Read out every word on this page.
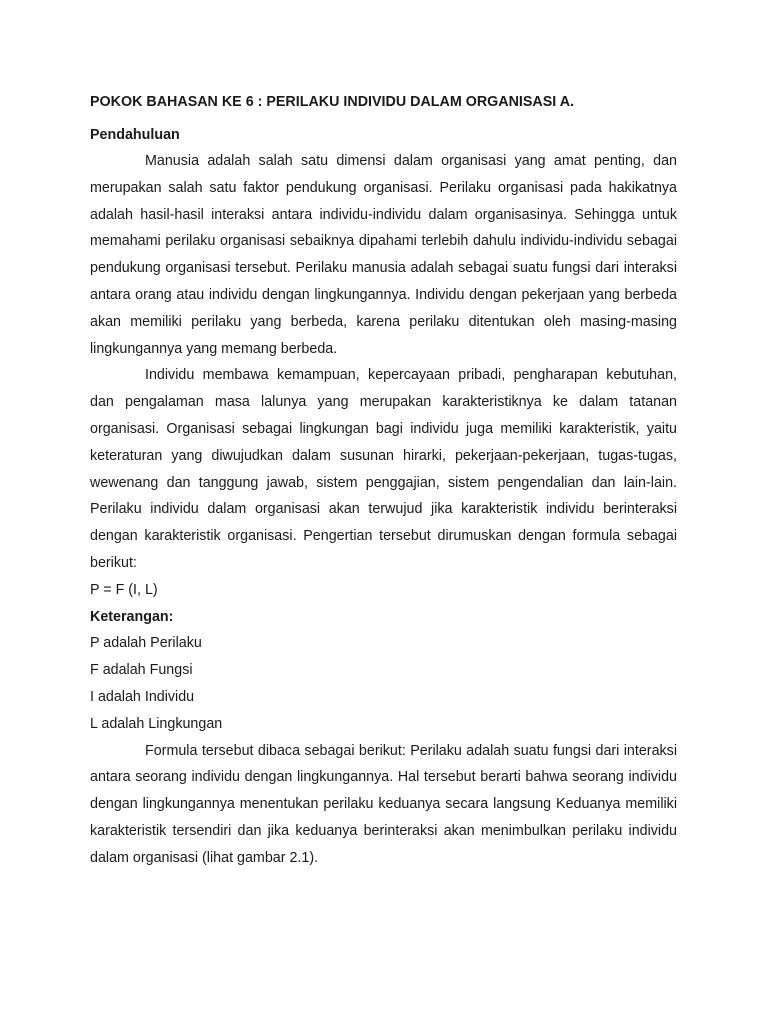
POKOK BAHASAN KE 6 : PERILAKU INDIVIDU DALAM ORGANISASI A.
Pendahuluan

Manusia adalah salah satu dimensi dalam organisasi yang amat penting, dan merupakan salah satu faktor pendukung organisasi. Perilaku organisasi pada hakikatnya adalah hasil-hasil interaksi antara individu-individu dalam organisasinya. Sehingga untuk memahami perilaku organisasi sebaiknya dipahami terlebih dahulu individu-individu sebagai pendukung organisasi tersebut. Perilaku manusia adalah sebagai suatu fungsi dari interaksi antara orang atau individu dengan lingkungannya. Individu dengan pekerjaan yang berbeda akan memiliki perilaku yang berbeda, karena perilaku ditentukan oleh masing-masing lingkungannya yang memang berbeda.

Individu membawa kemampuan, kepercayaan pribadi, pengharapan kebutuhan, dan pengalaman masa lalunya yang merupakan karakteristiknya ke dalam tatanan organisasi. Organisasi sebagai lingkungan bagi individu juga memiliki karakteristik, yaitu keteraturan yang diwujudkan dalam susunan hirarki, pekerjaan-pekerjaan, tugas-tugas, wewenang dan tanggung jawab, sistem penggajian, sistem pengendalian dan lain-lain. Perilaku individu dalam organisasi akan terwujud jika karakteristik individu berinteraksi dengan karakteristik organisasi. Pengertian tersebut dirumuskan dengan formula sebagai berikut:

P = F (I, L)
Keterangan:
P adalah Perilaku
F adalah Fungsi
I adalah Individu
L adalah Lingkungan

Formula tersebut dibaca sebagai berikut: Perilaku adalah suatu fungsi dari interaksi antara seorang individu dengan lingkungannya. Hal tersebut berarti bahwa seorang individu dengan lingkungannya menentukan perilaku keduanya secara langsung Keduanya memiliki karakteristik tersendiri dan jika keduanya berinteraksi akan menimbulkan perilaku individu dalam organisasi (lihat gambar 2.1).
